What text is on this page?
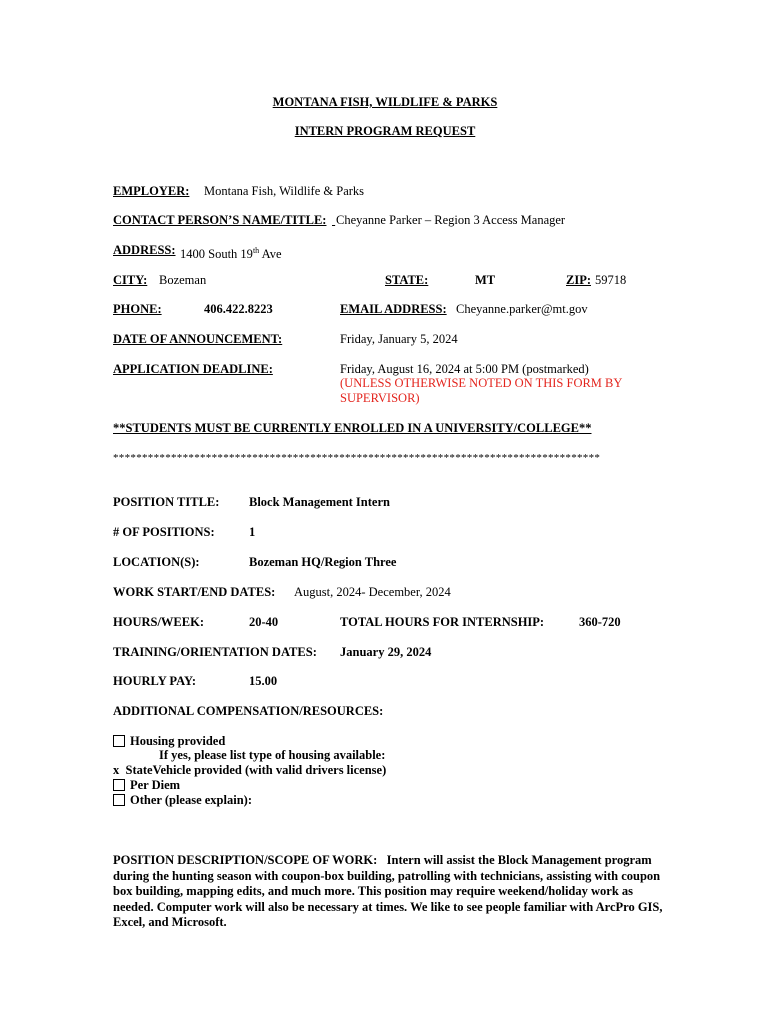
MONTANA FISH, WILDLIFE & PARKS
INTERN PROGRAM REQUEST
EMPLOYER: Montana Fish, Wildlife & Parks
CONTACT PERSON’S NAME/TITLE:
Cheyanne Parker – Region 3 Access Manager
ADDRESS: 1400 South 19th Ave
CITY: Bozeman	STATE:	MT	ZIP: 59718
PHONE:	406.422.8223	EMAIL ADDRESS: Cheyanne.parker@mt.gov
DATE OF ANNOUNCEMENT:	Friday, January 5, 2024
APPLICATION DEADLINE:	Friday, August 16, 2024 at 5:00 PM (postmarked)
(UNLESS OTHERWISE NOTED ON THIS FORM BY
SUPERVISOR)
**STUDENTS MUST BE CURRENTLY ENROLLED IN A UNIVERSITY/COLLEGE**
************************************************************************************
POSITION TITLE: Block Management Intern
# OF POSITIONS:	1
LOCATION(S):	Bozeman HQ/Region Three
WORK START/END DATES: August, 2024- December, 2024
HOURS/WEEK:	20-40	TOTAL HOURS FOR INTERNSHIP:	360-720
TRAINING/ORIENTATION DATES: January 29, 2024
HOURLY PAY:	15.00
ADDITIONAL COMPENSATION/RESOURCES:
Housing provided
If yes, please list type of housing available:
x StateVehicle provided (with valid drivers license)
Per Diem
Other (please explain):
POSITION DESCRIPTION/SCOPE OF WORK: Intern will assist the Block Management program during the hunting season with coupon-box building, patrolling with technicians, assisting with coupon box building, mapping edits, and much more. This position may require weekend/holiday work as needed. Computer work will also be necessary at times. We like to see people familiar with ArcPro GIS, Excel, and Microsoft.
